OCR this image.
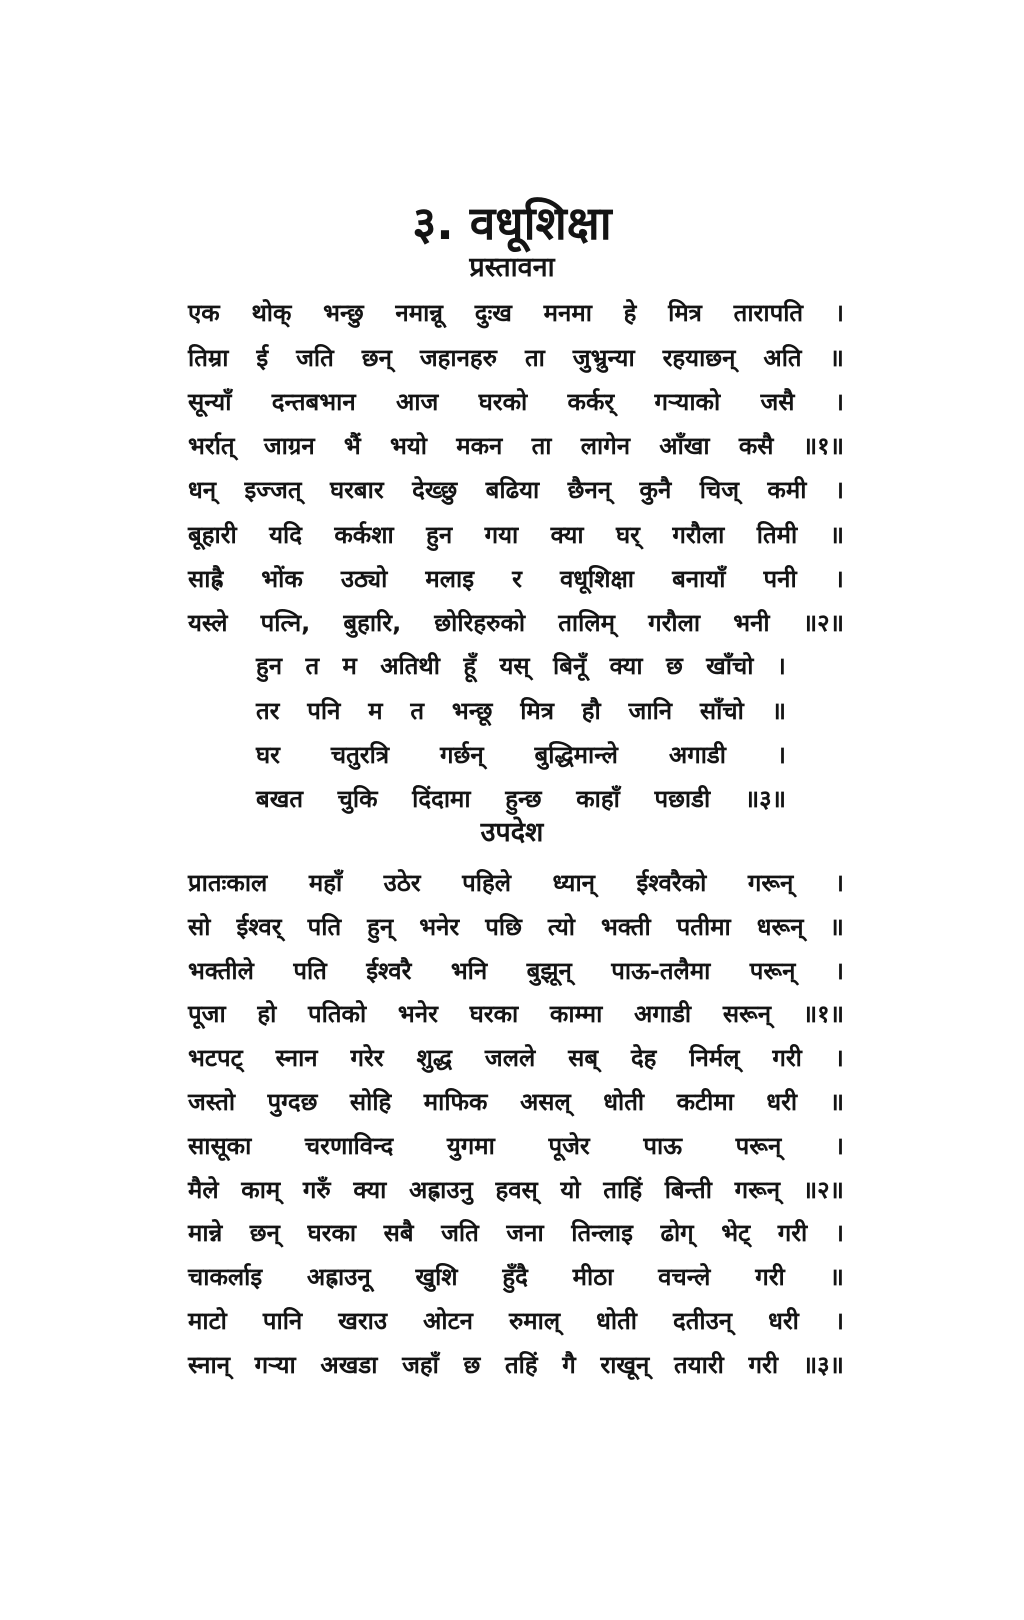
३. वधूशिक्षा
प्रस्तावना
एक थोक् भन्छु नमान्नू दुःख मनमा हे मित्र तारापति ।
तिम्रा ई जति छन् जहानहरु ता जुभ्रुन्या रहयाछन् अति ॥
सून्याँ दन्तबभान आज घरको कर्कर् गऱ्याको जसै ।
भर्रात् जाग्रन भैं भयो मकन ता लागेन आँखा कसै ॥१॥
धन् इज्जत् घरबार देख्छु बढिया छैनन् कुनै चिज् कमी ।
बूहारी यदि कर्कशा हुन गया क्या घर् गरौला तिमी ॥
साह्रै भोंक उठ्यो मलाइ र वधूशिक्षा बनायाँ पनी ।
यस्ले पत्नि, बुहारि, छोरिहरुको तालिम् गरौला भनी ॥२॥
हुन त म अतिथी हूँ यस् बिनूँ क्या छ खाँचो ।
तर पनि म त भन्छू मित्र हौ जानि साँचो ॥
घर चतुरत्रि गर्छन् बुद्धिमान्ले अगाडी ।
बखत चुकि दिंदामा हुन्छ काहाँ पछाडी ॥३॥
उपदेश
प्रातःकाल महाँ उठेर पहिले ध्यान् ईश्वरैको गरून् ।
सो ईश्वर् पति हुन् भनेर पछि त्यो भक्ती पतीमा धरून् ॥
भक्तीले पति ईश्वरै भनि बुझून् पाऊ-तलैमा परून् ।
पूजा हो पतिको भनेर घरका काम्मा अगाडी सरून् ॥१॥
भटपट् स्नान गरेर शुद्ध जलले सब् देह निर्मल् गरी ।
जस्तो पुग्दछ सोहि माफिक असल् धोती कटीमा धरी ॥
सासूका चरणाविन्द युगमा पूजेर पाऊ परून् ।
मैले काम् गरुँ क्या अह्राउनु हवस् यो ताहिं बिन्ती गरून् ॥२॥
मान्ने छन् घरका सबै जति जना तिन्लाइ ढोग् भेट् गरी ।
चाकर्लाइ अह्राउनू खुशि हुँदै मीठा वचन्ले गरी ॥
माटो पानि खराउ ओटन रुमाल् धोती दतीउन् धरी ।
स्नान् गऱ्या अखडा जहाँ छ तहिं गै राखून् तयारी गरी ॥३॥
